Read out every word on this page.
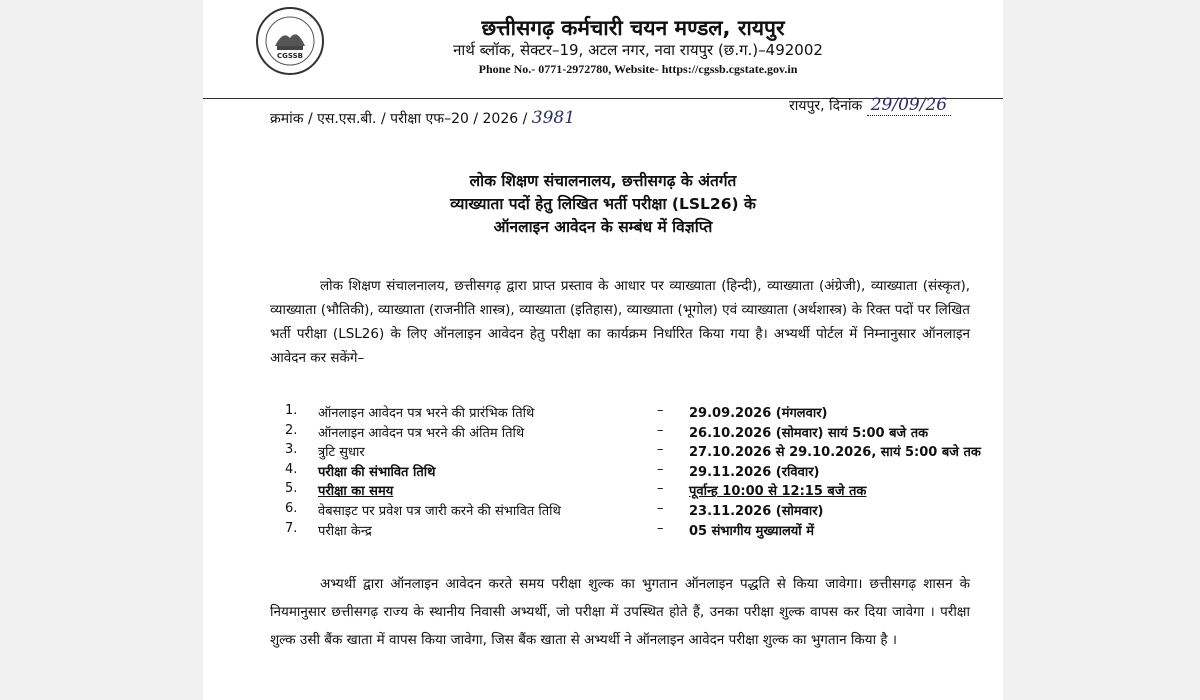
CGSSB
छत्तीसगढ़ कर्मचारी चयन मण्डल, रायपुर
नार्थ ब्लॉक, सेक्टर–19, अटल नगर, नवा रायपुर (छ.ग.)–492002
Phone No.- 0771-2972780, Website- https://cgssb.cgstate.gov.in
क्रमांक / एस.एस.बी. / परीक्षा एफ–20 / 2026 / 3981
रायपुर, दिनांक 29/09/26
लोक शिक्षण संचालनालय, छत्तीसगढ़ के अंतर्गत
व्याख्याता पदों हेतु लिखित भर्ती परीक्षा (LSL26) के
ऑनलाइन आवेदन के सम्बंध में विज्ञप्ति
लोक शिक्षण संचालनालय, छत्तीसगढ़ द्वारा प्राप्त प्रस्ताव के आधार पर व्याख्याता (हिन्दी), व्याख्याता (अंग्रेजी), व्याख्याता (संस्कृत), व्याख्याता (भौतिकी), व्याख्याता (राजनीति शास्त्र), व्याख्याता (इतिहास), व्याख्याता (भूगोल) एवं व्याख्याता (अर्थशास्त्र) के रिक्त पदों पर लिखित भर्ती परीक्षा (LSL26) के लिए ऑनलाइन आवेदन हेतु परीक्षा का कार्यक्रम निर्धारित किया गया है। अभ्यर्थी पोर्टल में निम्नानुसार ऑनलाइन आवेदन कर सकेंगे–
1.	ऑनलाइन आवेदन पत्र भरने की प्रारंभिक तिथि	– 29.09.2026 (मंगलवार)
2.	ऑनलाइन आवेदन पत्र भरने की अंतिम तिथि	– 26.10.2026 (सोमवार) सायं 5:00 बजे तक
3.	त्रुटि सुधार	– 27.10.2026 से 29.10.2026, सायं 5:00 बजे तक
4.	परीक्षा की संभावित तिथि	– 29.11.2026 (रविवार)
5.	परीक्षा का समय	– पूर्वान्ह 10:00 से 12:15 बजे तक
6.	वेबसाइट पर प्रवेश पत्र जारी करने की संभावित तिथि	– 23.11.2026 (सोमवार)
7.	परीक्षा केन्द्र	– 05 संभागीय मुख्यालयों में
अभ्यर्थी द्वारा ऑनलाइन आवेदन करते समय परीक्षा शुल्क का भुगतान ऑनलाइन पद्धति से किया जावेगा। छत्तीसगढ़ शासन के नियमानुसार छत्तीसगढ़ राज्य के स्थानीय निवासी अभ्यर्थी, जो परीक्षा में उपस्थित होते हैं, उनका परीक्षा शुल्क वापस कर दिया जावेगा । परीक्षा शुल्क उसी बैंक खाता में वापस किया जावेगा, जिस बैंक खाता से अभ्यर्थी ने ऑनलाइन आवेदन परीक्षा शुल्क का भुगतान किया है ।
